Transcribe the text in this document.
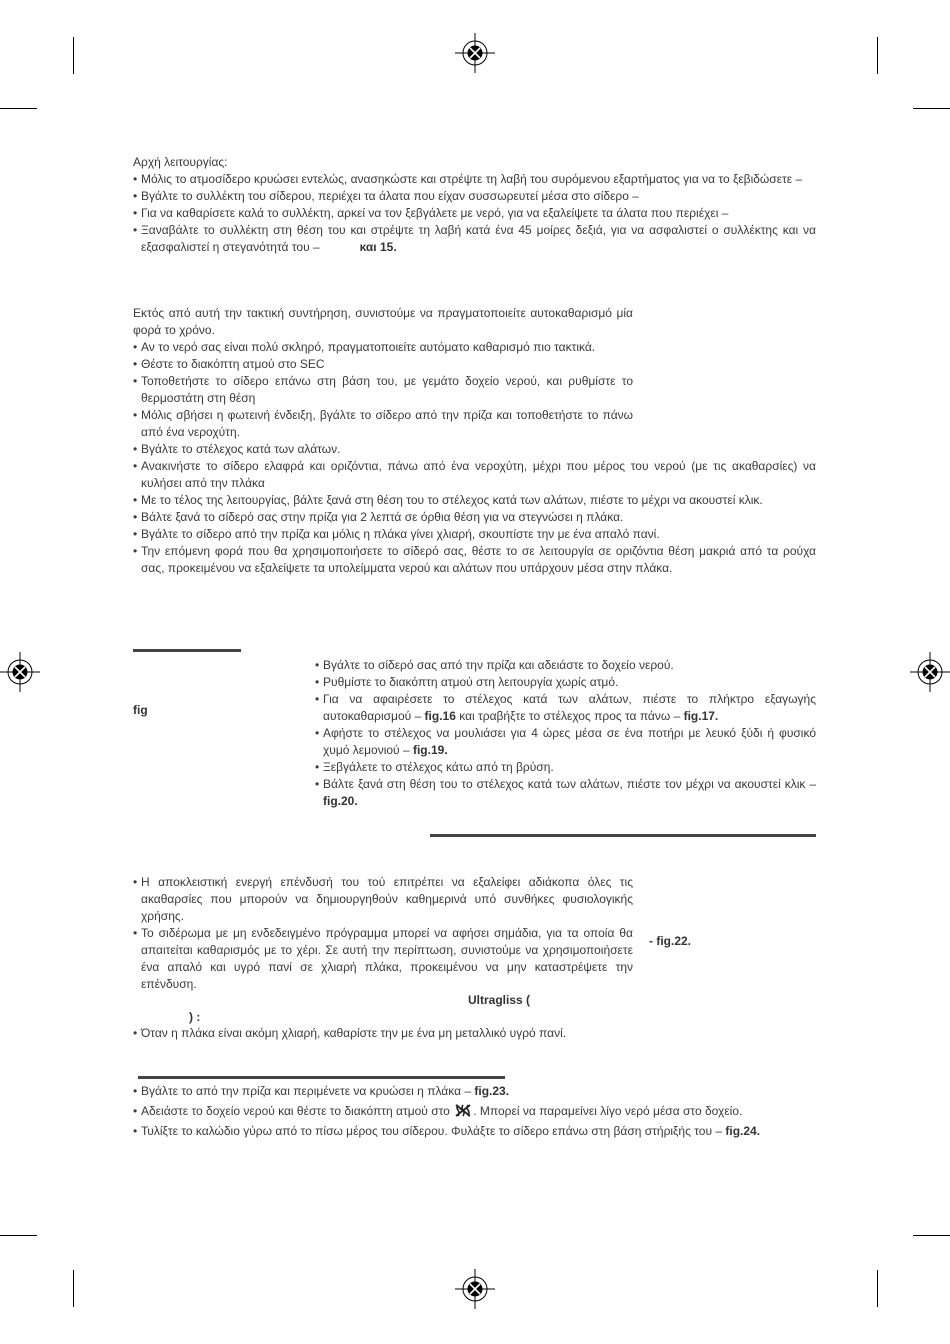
Αρχή λειτουργίας:

• Μόλις το ατμοσίδερο κρυώσει εντελώς, ανασηκώστε και στρέψτε τη λαβή του συρόμενου εξαρτήματος για να το ξεβιδώσετε –
• Βγάλτε το συλλέκτη του σίδερου, περιέχει τα άλατα που είχαν συσσωρευτεί μέσα στο σίδερο –
• Για να καθαρίσετε καλά το συλλέκτη, αρκεί να τον ξεβγάλετε με νερό, για να εξαλείψετε τα άλατα που περιέχει –
• Ξαναβάλτε το συλλέκτη στη θέση του και στρέψτε τη λαβή κατά ένα 45 μοίρες δεξιά, για να ασφαλιστεί ο συλλέκτης και να εξασφαλιστεί η στεγανότητά του –	και 15.

Εκτός από αυτή την τακτική συντήρηση, συνιστούμε να πραγματοποιείτε αυτοκαθαρισμό μία φορά το χρόνο.

• Αν το νερό σας είναι πολύ σκληρό, πραγματοποιείτε αυτόματο καθαρισμό πιο τακτικά.
• Θέστε το διακόπτη ατμού στο SEC
• Τοποθετήστε το σίδερο επάνω στη βάση του, με γεμάτο δοχείο νερού, και ρυθμίστε το θερμοστάτη στη θέση
• Μόλις σβήσει η φωτεινή ένδειξη, βγάλτε το σίδερο από την πρίζα και τοποθετήστε το πάνω από ένα νεροχύτη.
• Βγάλτε το στέλεχος κατά των αλάτων.
• Ανακινήστε το σίδερο ελαφρά και οριζόντια, πάνω από ένα νεροχύτη, μέχρι που μέρος του νερού (με τις ακαθαρσίες) να κυλήσει από την πλάκα
• Με το τέλος της λειτουργίας, βάλτε ξανά στη θέση του το στέλεχος κατά των αλάτων, πιέστε το μέχρι να ακουστεί κλικ.
• Βάλτε ξανά το σίδερό σας στην πρίζα για 2 λεπτά σε όρθια θέση για να στεγνώσει η πλάκα.
• Βγάλτε το σίδερο από την πρίζα και μόλις η πλάκα γίνει χλιαρή, σκουπίστε την με ένα απαλό πανί.
• Την επόμενη φορά που θα χρησιμοποιήσετε το σίδερό σας, θέστε το σε λειτουργία σε οριζόντια θέση μακριά από τα ρούχα σας, προκειμένου να εξαλείψετε τα υπολείμματα νερού και αλάτων που υπάρχουν μέσα στην πλάκα.
fig
• Βγάλτε το σίδερό σας από την πρίζα και αδειάστε το δοχείο νερού.
• Ρυθμίστε το διακόπτη ατμού στη λειτουργία χωρίς ατμό.
• Για να αφαιρέσετε το στέλεχος κατά των αλάτων, πιέστε το πλήκτρο εξαγωγής αυτοκαθαρισμού – fig.16 και τραβήξτε το στέλεχος προς τα πάνω – fig.17.
• Αφήστε το στέλεχος να μουλιάσει για 4 ώρες μέσα σε ένα ποτήρι με λευκό ξύδι ή φυσικό χυμό λεμονιού – fig.19.
• Ξεβγάλετε το στέλεχος κάτω από τη βρύση.
• Βάλτε ξανά στη θέση του το στέλεχος κατά των αλάτων, πιέστε τον μέχρι να ακουστεί κλικ – fig.20.
• Η αποκλειστική ενεργή επένδυσή του τού επιτρέπει να εξαλείφει αδιάκοπα όλες τις ακαθαρσίες που μπορούν να δημιουργηθούν καθημερινά υπό συνθήκες φυσιολογικής χρήσης.
• Το σιδέρωμα με μη ενδεδειγμένο πρόγραμμα μπορεί να αφήσει σημάδια, για τα οποία θα απαιτείται καθαρισμός με το χέρι. Σε αυτή την περίπτωση, συνιστούμε να χρησιμοποιήσετε ένα απαλό και υγρό πανί σε χλιαρή πλάκα, προκειμένου να μην καταστρέψετε την επένδυση.
- fig.22.
Ultragliss (
) :
• Όταν η πλάκα είναι ακόμη χλιαρή, καθαρίστε την με ένα μη μεταλλικό υγρό πανί.
• Βγάλτε το από την πρίζα και περιμένετε να κρυώσει η πλάκα – fig.23.
• Αδειάστε το δοχείο νερού και θέστε το διακόπτη ατμού στο . Μπορεί να παραμείνει λίγο νερό μέσα στο δοχείο.
• Τυλίξτε το καλώδιο γύρω από το πίσω μέρος του σίδερου. Φυλάξτε το σίδερο επάνω στη βάση στήριξής του – fig.24.
